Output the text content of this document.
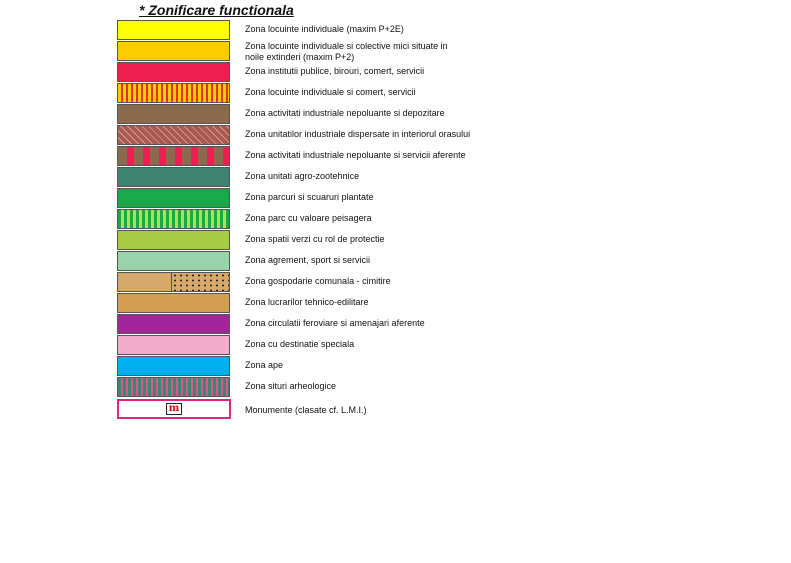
* Zonificare functionala
Zona locuinte individuale (maxim P+2E)
Zona locuinte individuale si colective mici situate in
noile extinderi (maxim P+2)
Zona institutii publice, birouri, comert, servicii
Zona locuinte individuale si comert, servicii
Zona activitati industriale nepoluante si depozitare
Zona unitatilor industriale dispersate in interiorul orasului
Zona activitati industriale nepoluante si servicii aferente
Zona unitati agro-zootehnice
Zona parcuri si scuaruri plantate
Zona parc cu valoare peisagera
Zona spatii verzi cu rol de protectie
Zona agrement, sport si servicii
Zona gospodarie comunala - cimitire
Zona lucrarilor tehnico-edilitare
Zona circulatii feroviare si amenajari aferente
Zona cu destinatie speciala
Zona ape
Zona situri arheologice
m	Monumente (clasate cf. L.M.I.)
